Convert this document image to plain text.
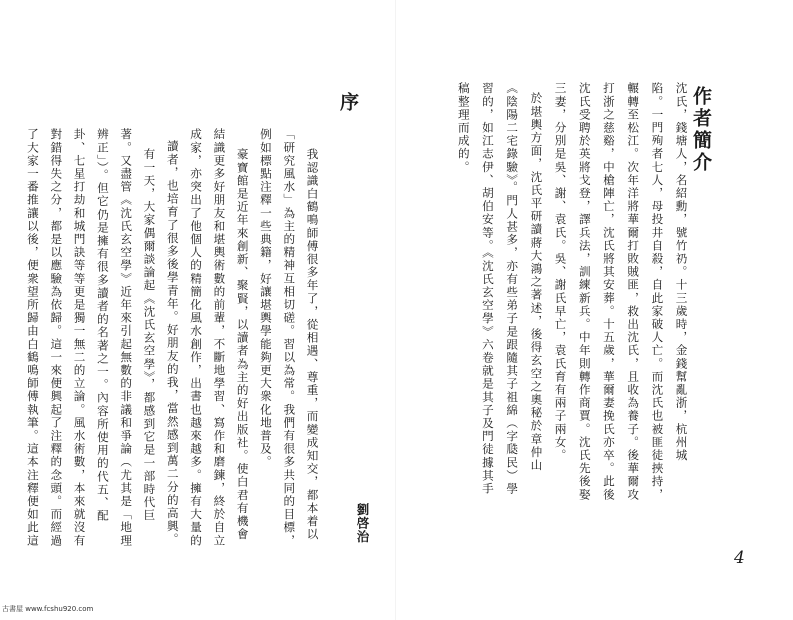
作者簡介
沈氏，錢塘人，名紹勳，號竹礽。十三歲時，金錢幫亂浙，杭州城
陷。一門殉者七人，母投井自殺，自此家破人亡。而沈氏也被匪徒挾持，
輾轉至松江。次年洋將華爾打敗賊匪，救出沈氏，且收為養子。後華爾攻
打浙之慈谿，中槍陣亡，沈氏將其安葬。十五歲，華爾妻挽氏亦卒。此後
沈氏受聘於英將戈登，譯兵法，訓練新兵。中年則轉作商賈。沈氏先後娶
三妻，分別是吳、謝、袁氏。吳、謝氏早亡，袁氏育有兩子兩女。
於堪輿方面，沈氏平研讀蔣大鴻之著述，後得玄空之奧秘於章仲山
《陰陽二宅錄驗》。門人甚多，亦有些弟子是跟隨其子祖綿（字瓞民）學
習的，如江志伊、胡伯安等。《沈氏玄空學》六卷就是其子及門徒據其手
稿整理而成的。
4
序
劉啓治
我認識白鶴鳴師傅很多年了，從相遇、尊重，而變成知交，都本着以
「研究風水」為主的精神互相切磋。習以為常。我們有很多共同的目標，
例如標點注釋一些典籍，好讓堪輿學能夠更大衆化地普及。
豪寶館是近年來創新、聚賢，以讀者為主的好出版社。使白君有機會
結識更多好朋友和堪輿術數的前輩，不斷地學習、寫作和磨鍊，終於自立
成家，亦突出了他個人的精簡化風水創作，出書也越來越多。擁有大量的
讀者，也培育了很多後學青年。好朋友的我，當然感到萬二分的高興。
有一天，大家偶爾談論起《沈氏玄空學》，都感到它是一部時代巨
著。又盡管《沈氏玄空學》近年來引起無數的非議和爭論（尤其是「地理
辨正」）。但它仍是擁有很多讀者的名著之一。內容所使用的代五、配
卦、七星打劫和城門訣等等更是獨一無二的立論。風水術數，本來就沒有
對錯得失之分，都是以應驗為依歸。這一來便興起了注釋的念頭。而經過
了大家一番推讓以後，便衆望所歸由白鶴鳴師傅執筆。這本注釋便如此這
古書屋 www.fcshu920.com
